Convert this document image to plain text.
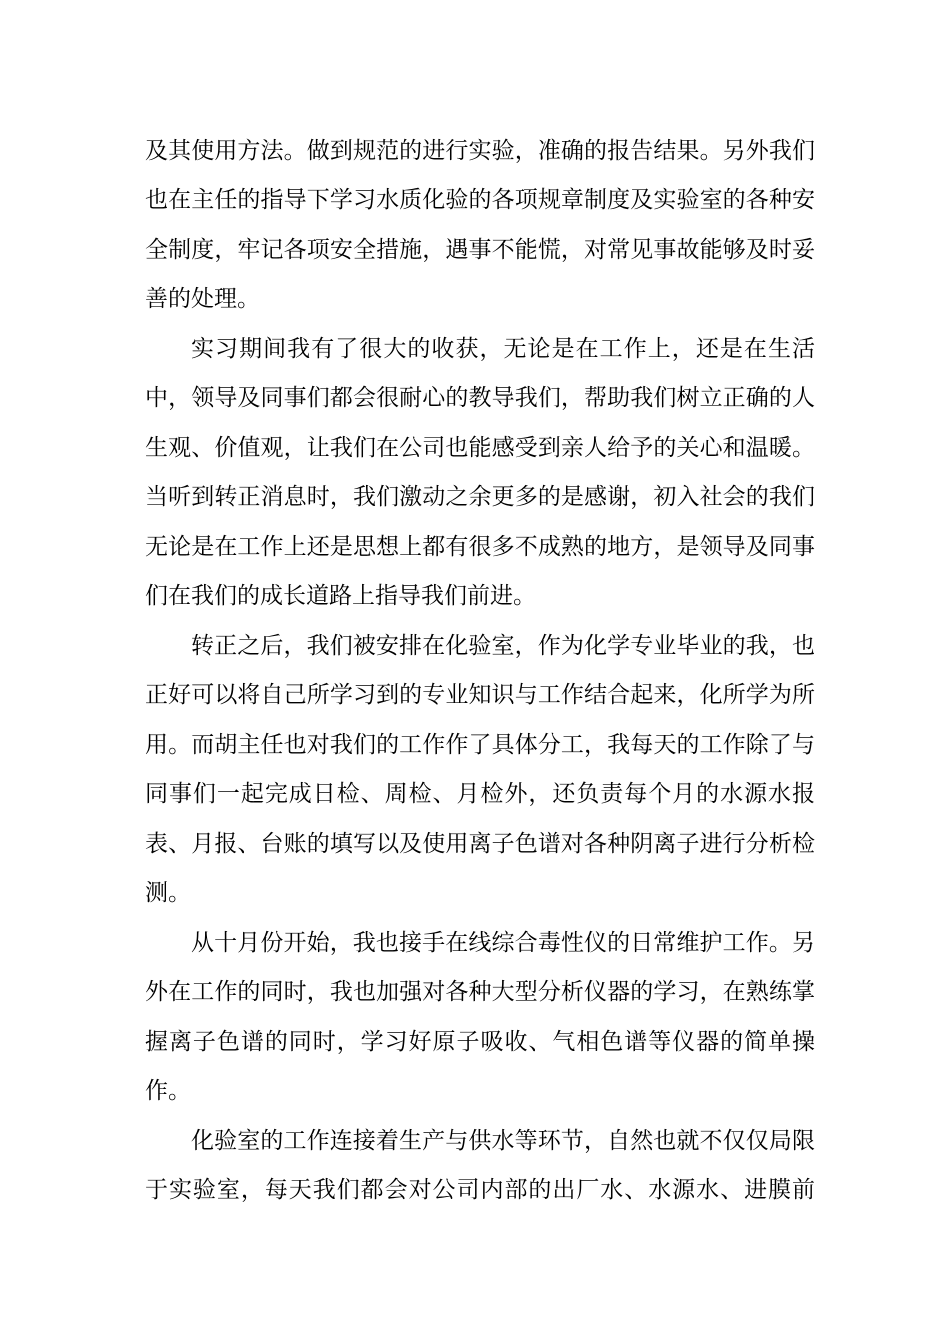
及其使用方法。做到规范的进行实验，准确的报告结果。另外我们

也在主任的指导下学习水质化验的各项规章制度及实验室的各种安

全制度，牢记各项安全措施，遇事不能慌，对常见事故能够及时妥

善的处理。

实习期间我有了很大的收获，无论是在工作上，还是在生活

中，领导及同事们都会很耐心的教导我们，帮助我们树立正确的人

生观、价值观，让我们在公司也能感受到亲人给予的关心和温暖。

当听到转正消息时，我们激动之余更多的是感谢，初入社会的我们

无论是在工作上还是思想上都有很多不成熟的地方，是领导及同事

们在我们的成长道路上指导我们前进。

转正之后，我们被安排在化验室，作为化学专业毕业的我，也

正好可以将自己所学习到的专业知识与工作结合起来，化所学为所

用。而胡主任也对我们的工作作了具体分工，我每天的工作除了与

同事们一起完成日检、周检、月检外，还负责每个月的水源水报

表、月报、台账的填写以及使用离子色谱对各种阴离子进行分析检

测。

从十月份开始，我也接手在线综合毒性仪的日常维护工作。另

外在工作的同时，我也加强对各种大型分析仪器的学习，在熟练掌

握离子色谱的同时，学习好原子吸收、气相色谱等仪器的简单操

作。

化验室的工作连接着生产与供水等环节，自然也就不仅仅局限

于实验室，每天我们都会对公司内部的出厂水、水源水、进膜前
